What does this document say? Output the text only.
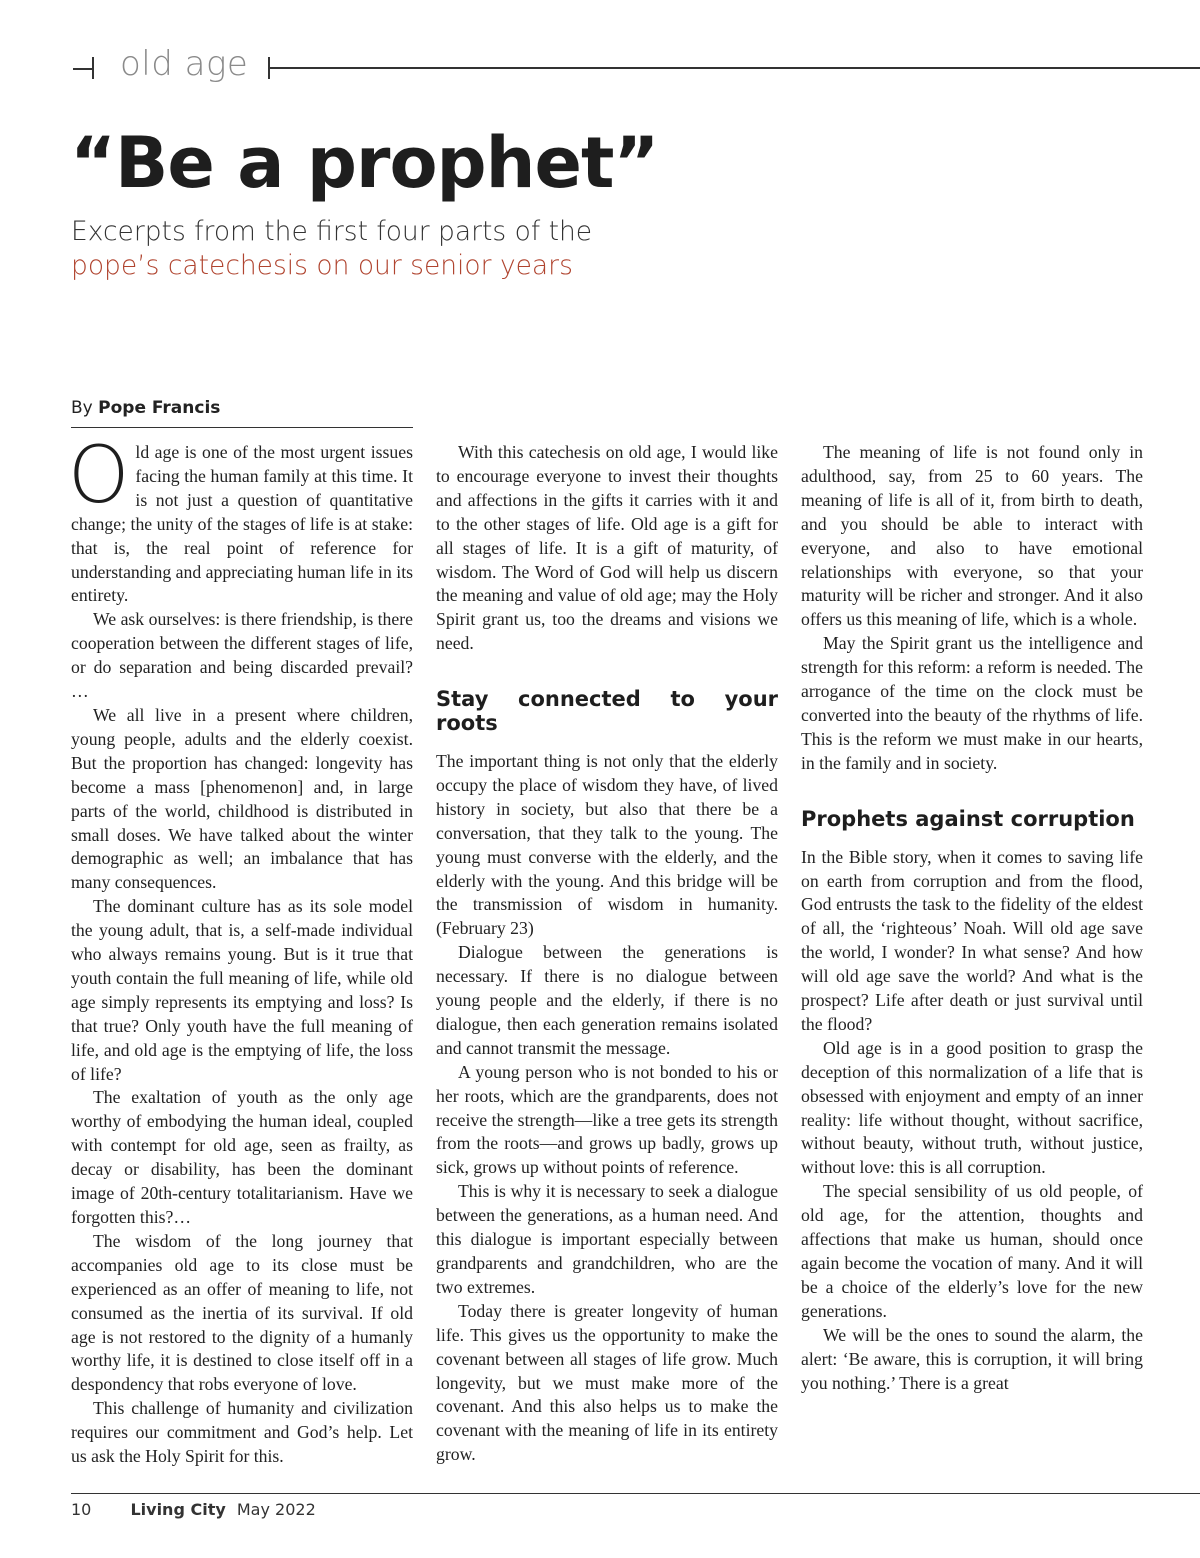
old age
“Be a prophet”
Excerpts from the first four parts of the
pope’s catechesis on our senior years
By Pope Francis

Old age is one of the most urgent issues facing the human family at this time. It is not just a question of quantitative change; the unity of the stages of life is at stake: that is, the real point of reference for understanding and appreciating human life in its entirety.

We ask ourselves: is there friendship, is there cooperation between the different stages of life, or do separation and being discarded prevail? …

We all live in a present where children, young people, adults and the elderly coexist. But the proportion has changed: longevity has become a mass [phenomenon] and, in large parts of the world, childhood is distributed in small doses. We have talked about the winter demographic as well; an imbalance that has many consequences.

The dominant culture has as its sole model the young adult, that is, a self-made individual who always remains young. But is it true that youth contain the full meaning of life, while old age simply represents its emptying and loss? Is that true? Only youth have the full meaning of life, and old age is the emptying of life, the loss of life?

The exaltation of youth as the only age worthy of embodying the human ideal, coupled with contempt for old age, seen as frailty, as decay or disability, has been the dominant image of 20th-century totalitarianism. Have we forgotten this?…

The wisdom of the long journey that accompanies old age to its close must be experienced as an offer of meaning to life, not consumed as the inertia of its survival. If old age is not restored to the dignity of a humanly worthy life, it is destined to close itself off in a despondency that robs everyone of love.

This challenge of humanity and civilization requires our commitment and God’s help. Let us ask the Holy Spirit for this.

With this catechesis on old age, I would like to encourage everyone to invest their thoughts and affections in the gifts it carries with it and to the other stages of life. Old age is a gift for all stages of life. It is a gift of maturity, of wisdom. The Word of God will help us discern the meaning and value of old age; may the Holy Spirit grant us, too the dreams and visions we need.

Stay connected to your roots

The important thing is not only that the elderly occupy the place of wisdom they have, of lived history in society, but also that there be a conversation, that they talk to the young. The young must converse with the elderly, and the elderly with the young. And this bridge will be the transmission of wisdom in humanity. (February 23)

Dialogue between the generations is necessary. If there is no dialogue between young people and the elderly, if there is no dialogue, then each generation remains isolated and cannot transmit the message.

A young person who is not bonded to his or her roots, which are the grandparents, does not receive the strength—like a tree gets its strength from the roots—and grows up badly, grows up sick, grows up without points of reference.

This is why it is necessary to seek a dialogue between the generations, as a human need. And this dialogue is important especially between grandparents and grandchildren, who are the two extremes.

Today there is greater longevity of human life. This gives us the opportunity to make the covenant between all stages of life grow. Much longevity, but we must make more of the covenant. And this also helps us to make the covenant with the meaning of life in its entirety grow.

The meaning of life is not found only in adulthood, say, from 25 to 60 years. The meaning of life is all of it, from birth to death, and you should be able to interact with everyone, and also to have emotional relationships with everyone, so that your maturity will be richer and stronger. And it also offers us this meaning of life, which is a whole.

May the Spirit grant us the intelligence and strength for this reform: a reform is needed. The arrogance of the time on the clock must be converted into the beauty of the rhythms of life. This is the reform we must make in our hearts, in the family and in society.

Prophets against corruption

In the Bible story, when it comes to saving life on earth from corruption and from the flood, God entrusts the task to the fidelity of the eldest of all, the ‘righteous’ Noah. Will old age save the world, I wonder? In what sense? And how will old age save the world? And what is the prospect? Life after death or just survival until the flood?

Old age is in a good position to grasp the deception of this normalization of a life that is obsessed with enjoyment and empty of an inner reality: life without thought, without sacrifice, without beauty, without truth, without justice, without love: this is all corruption.

The special sensibility of us old people, of old age, for the attention, thoughts and affections that make us human, should once again become the vocation of many. And it will be a choice of the elderly’s love for the new generations.

We will be the ones to sound the alarm, the alert: ‘Be aware, this is corruption, it will bring you nothing.’ There is a great

10 Living City May 2022
